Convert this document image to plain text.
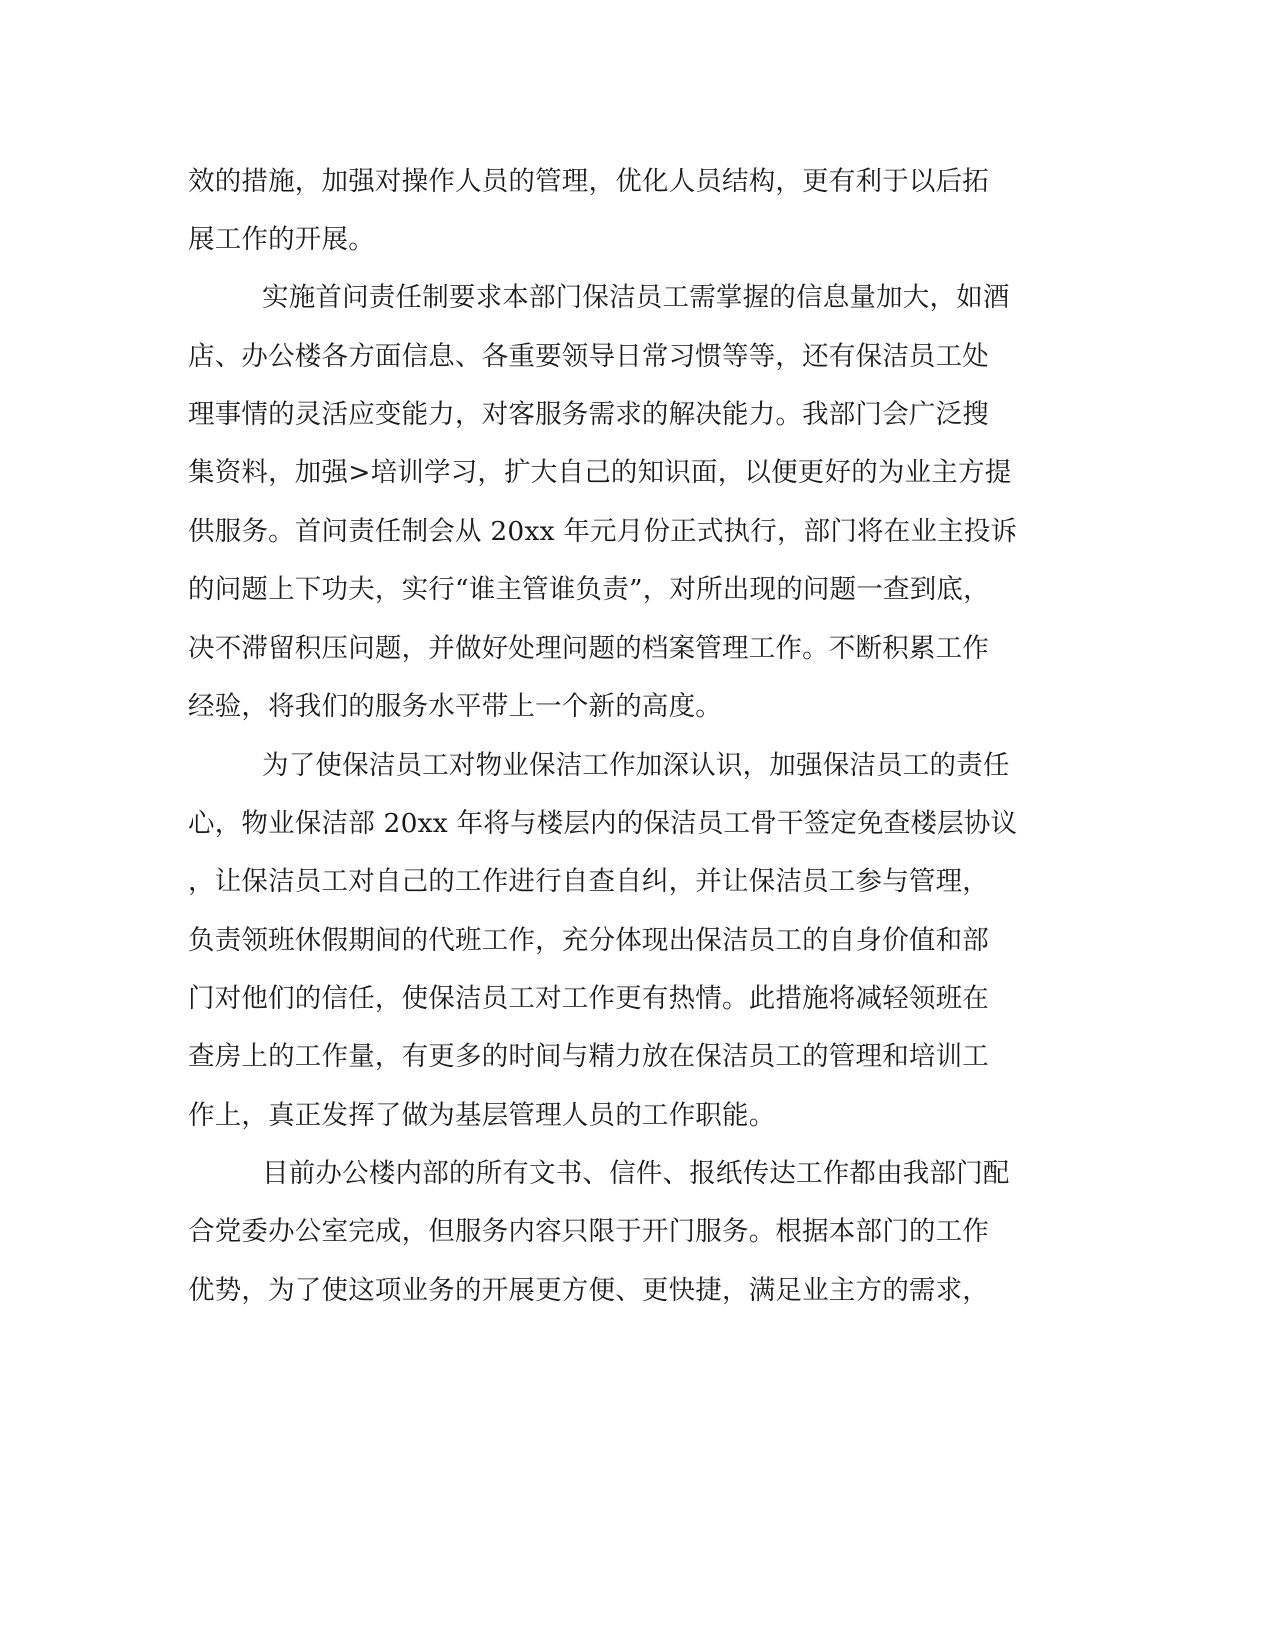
效的措施，加强对操作人员的管理，优化人员结构，更有利于以后拓
展工作的开展。
实施首问责任制要求本部门保洁员工需掌握的信息量加大，如酒
店、办公楼各方面信息、各重要领导日常习惯等等，还有保洁员工处
理事情的灵活应变能力，对客服务需求的解决能力。我部门会广泛搜
集资料，加强>培训学习，扩大自己的知识面，以便更好的为业主方提
供服务。首问责任制会从 20xx 年元月份正式执行，部门将在业主投诉
的问题上下功夫，实行“谁主管谁负责”，对所出现的问题一查到底，
决不滞留积压问题，并做好处理问题的档案管理工作。不断积累工作
经验，将我们的服务水平带上一个新的高度。
为了使保洁员工对物业保洁工作加深认识，加强保洁员工的责任
心，物业保洁部 20xx 年将与楼层内的保洁员工骨干签定免查楼层协议
，让保洁员工对自己的工作进行自查自纠，并让保洁员工参与管理，
负责领班休假期间的代班工作，充分体现出保洁员工的自身价值和部
门对他们的信任，使保洁员工对工作更有热情。此措施将减轻领班在
查房上的工作量，有更多的时间与精力放在保洁员工的管理和培训工
作上，真正发挥了做为基层管理人员的工作职能。
目前办公楼内部的所有文书、信件、报纸传达工作都由我部门配
合党委办公室完成，但服务内容只限于开门服务。根据本部门的工作
优势，为了使这项业务的开展更方便、更快捷，满足业主方的需求，
